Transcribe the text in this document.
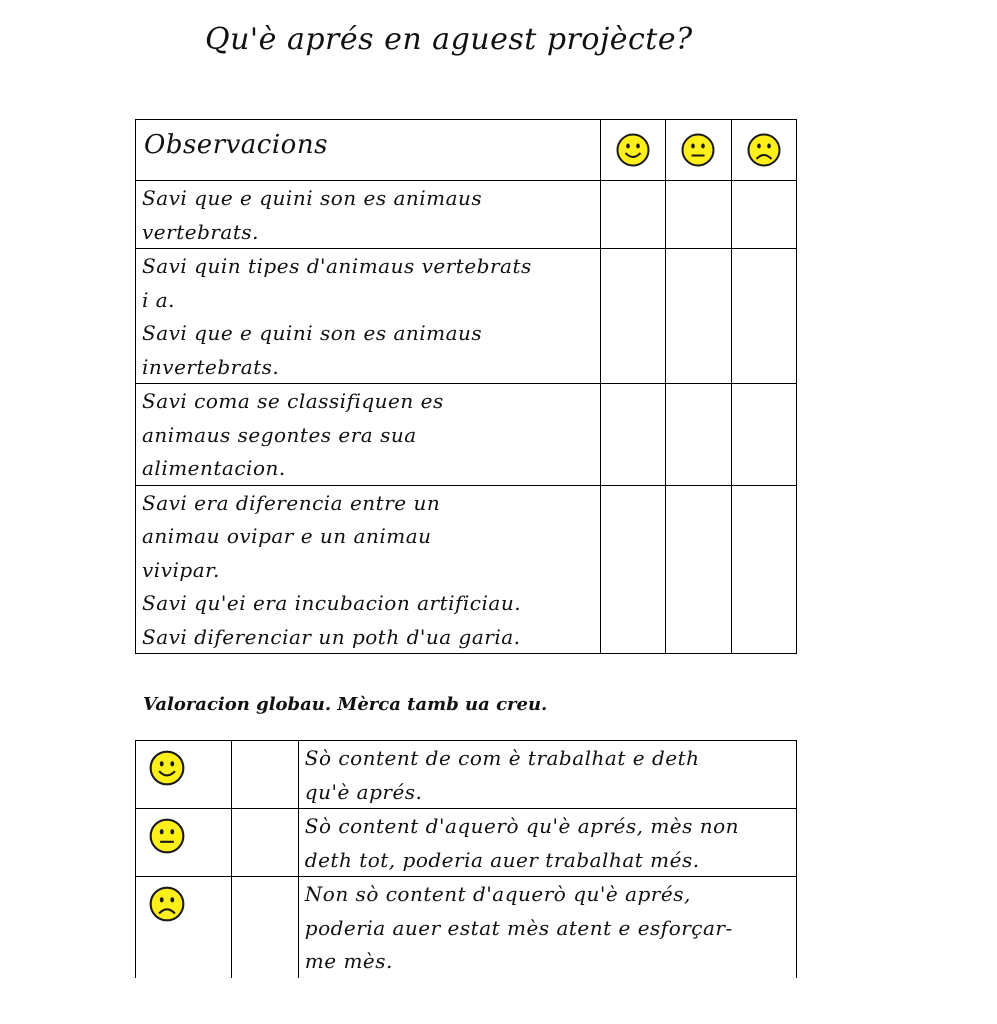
Qu'è aprés en aguest projècte?
Observacions

Savi que e quini son es animaus
vertebrats.			

Savi quin tipes d'animaus vertebrats
i a.
Savi que e quini son es animaus
invertebrats.			

Savi coma se classifiquen es
animaus segontes era sua
alimentacion.			

Savi era diferencia entre un
animau ovipar e un animau
vivipar.
Savi qu'ei era incubacion artificiau.
Savi diferenciar un poth d'ua garia.			

Valoracion globau. Mèrca tamb ua creu.

Sò content de com è trabalhat e deth
qu'è aprés.

Sò content d'aquerò qu'è aprés, mès non
deth tot, poderia auer trabalhat més.

Non sò content d'aquerò qu'è aprés,
poderia auer estat mès atent e esforçar-
me mès.
